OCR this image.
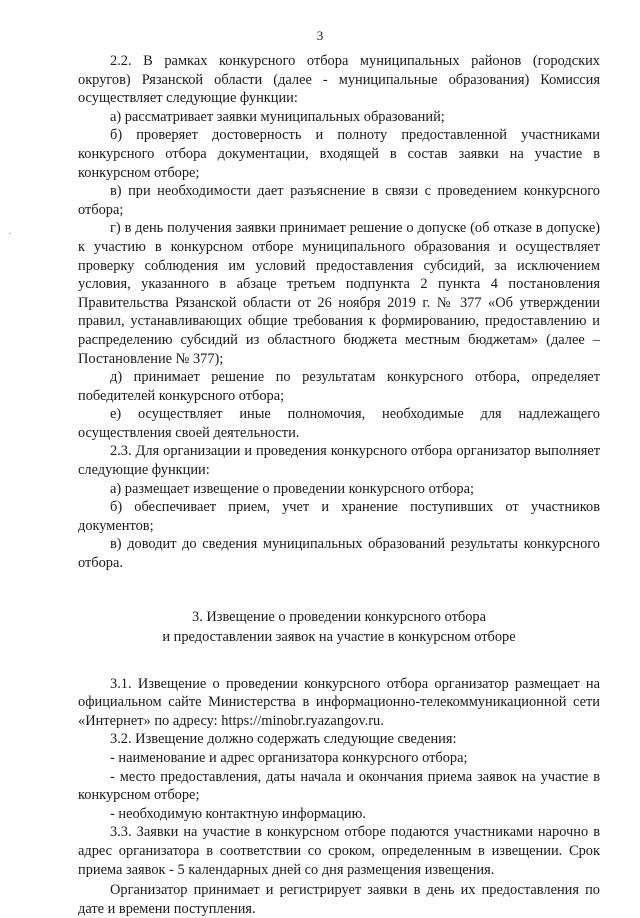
3
·

2.2. В рамках конкурсного отбора муниципальных районов (городских округов) Рязанской области (далее - муниципальные образования) Комиссия осуществляет следующие функции:

а) рассматривает заявки муниципальных образований;

б) проверяет достоверность и полноту предоставленной участниками конкурсного отбора документации, входящей в состав заявки на участие в конкурсном отборе;

в) при необходимости дает разъяснение в связи с проведением конкурсного отбора;

г) в день получения заявки принимает решение о допуске (об отказе в допуске) к участию в конкурсном отборе муниципального образования и осуществляет проверку соблюдения им условий предоставления субсидий, за исключением условия, указанного в абзаце третьем подпункта 2 пункта 4 постановления Правительства Рязанской области от 26 ноября 2019 г. № 377 «Об утверждении правил, устанавливающих общие требования к формированию, предоставлению и распределению субсидий из областного бюджета местным бюджетам» (далее – Постановление № 377);

д) принимает решение по результатам конкурсного отбора, определяет победителей конкурсного отбора;

е) осуществляет иные полномочия, необходимые для надлежащего осуществления своей деятельности.

2.3. Для организации и проведения конкурсного отбора организатор выполняет следующие функции:

а) размещает извещение о проведении конкурсного отбора;

б) обеспечивает прием, учет и хранение поступивших от участников документов;

в) доводит до сведения муниципальных образований результаты конкурсного отбора.

3. Извещение о проведении конкурсного отбора
и предоставлении заявок на участие в конкурсном отборе

3.1. Извещение о проведении конкурсного отбора организатор размещает на официальном сайте Министерства в информационно-телекоммуникационной сети «Интернет» по адресу: https://minobr.ryazangov.ru.

3.2. Извещение должно содержать следующие сведения:

- наименование и адрес организатора конкурсного отбора;

- место предоставления, даты начала и окончания приема заявок на участие в конкурсном отборе;

- необходимую контактную информацию.

3.3. Заявки на участие в конкурсном отборе подаются участниками нарочно в адрес организатора в соответствии со сроком, определенным в извещении. Срок приема заявок - 5 календарных дней со дня размещения извещения.

Организатор принимает и регистрирует заявки в день их предоставления по дате и времени поступления.
